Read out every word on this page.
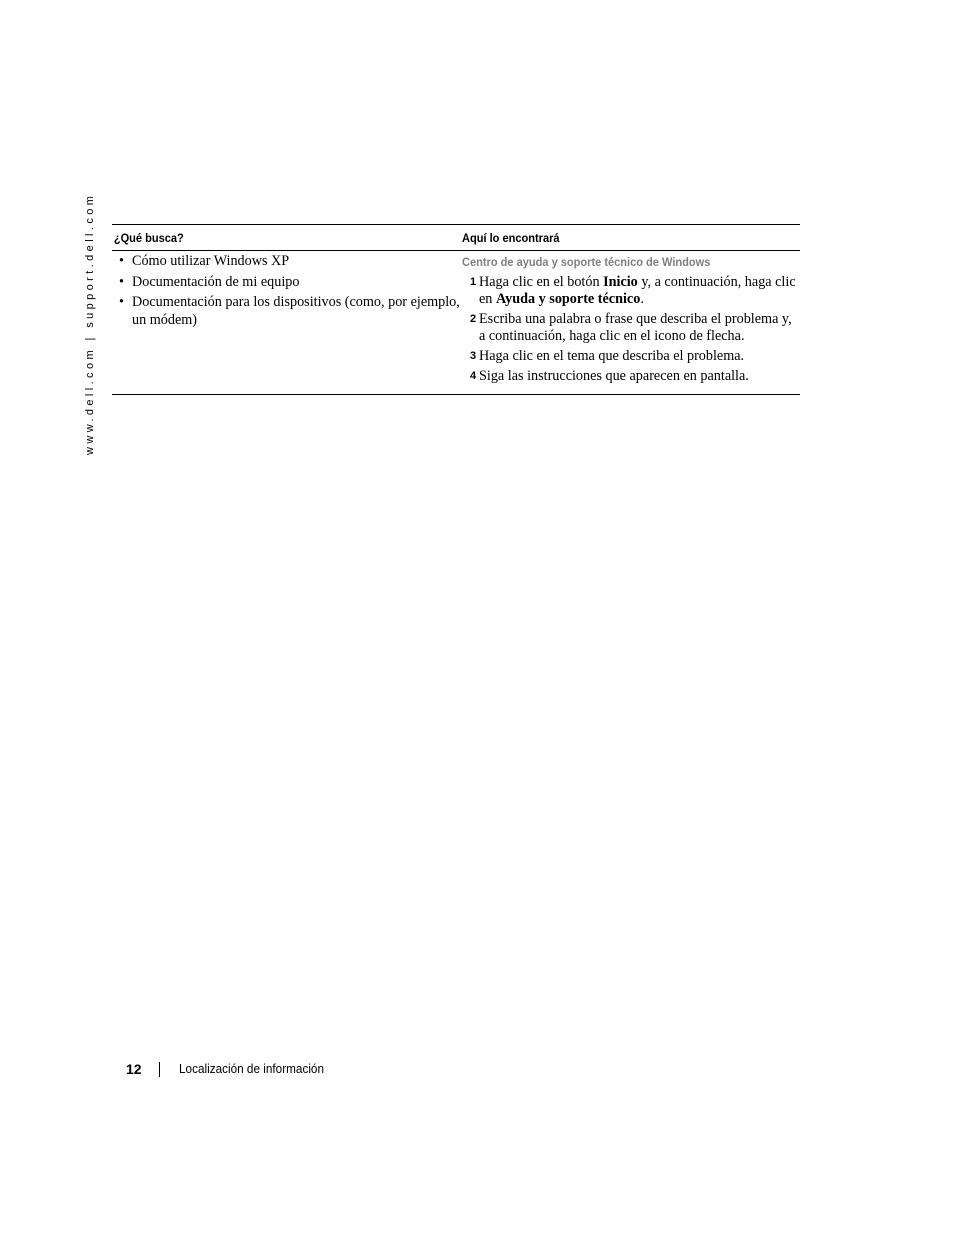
www.dell.com | support.dell.com ¿Qué busca?	Aquí lo encontrará
• Cómo utilizar Windows XP
• Documentación de mi equipo
• Documentación para los dispositivos (como, por ejemplo, un módem)
Centro de ayuda y soporte técnico de Windows
1 Haga clic en el botón Inicio y, a continuación, haga clic en Ayuda y soporte técnico.
2 Escriba una palabra o frase que describa el problema y, a continuación, haga clic en el icono de flecha.
3 Haga clic en el tema que describa el problema.
4 Siga las instrucciones que aparecen en pantalla.
12	Localización de información
